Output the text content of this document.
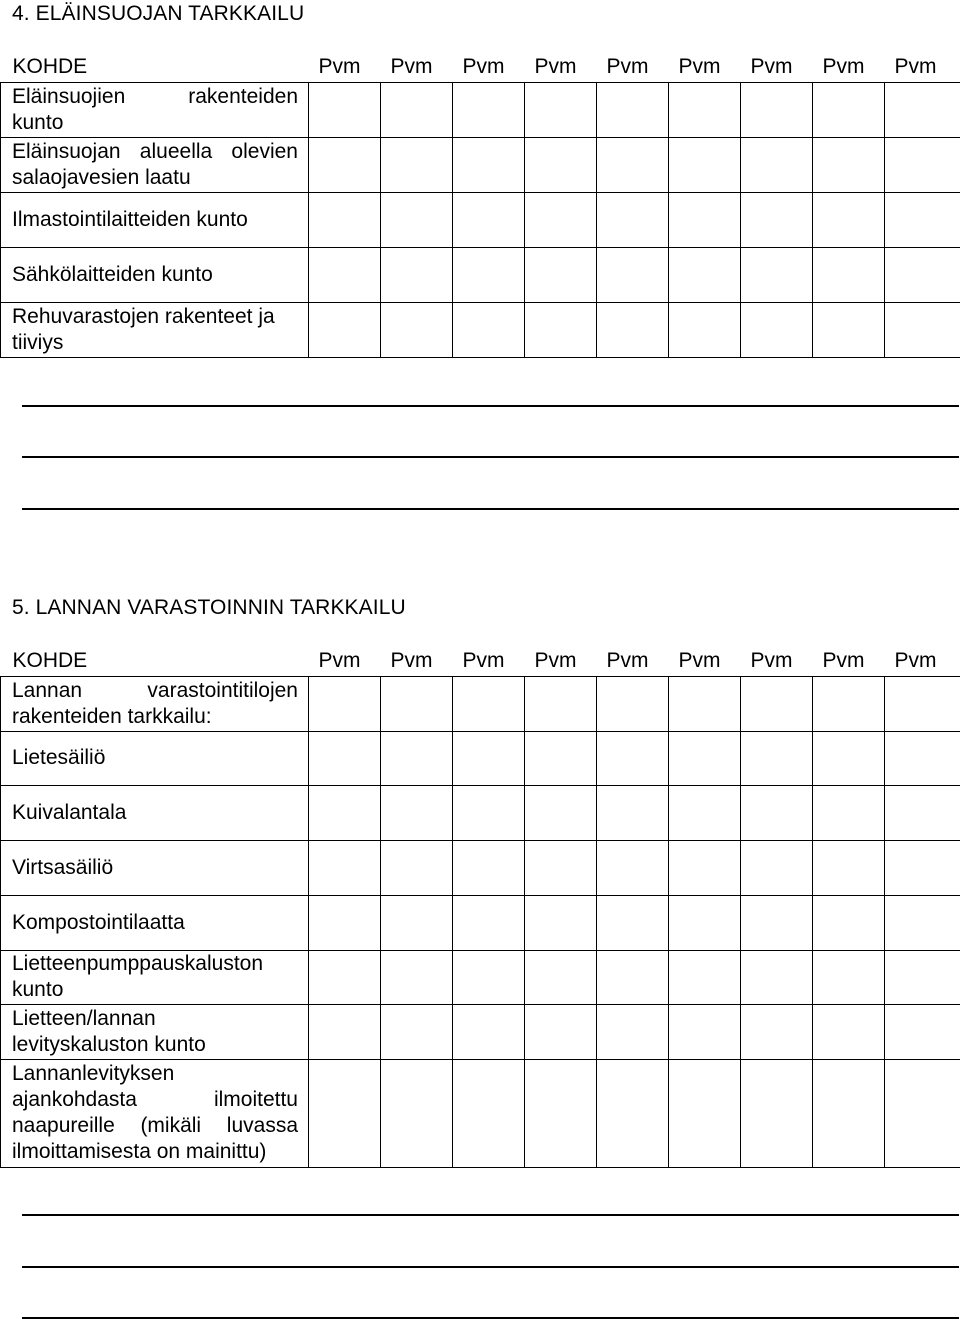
4. ELÄINSUOJAN TARKKAILU
KOHDE	Pvm	Pvm	Pvm	Pvm	Pvm	Pvm	Pvm	Pvm	Pvm
Eläinsuojien rakenteiden kunto									
Eläinsuojan alueella olevien salaojavesien laatu									
Ilmastointilaitteiden kunto									
Sähkölaitteiden kunto									
Rehuvarastojen rakenteet ja tiiviys									
5. LANNAN VARASTOINNIN TARKKAILU
KOHDE	Pvm	Pvm	Pvm	Pvm	Pvm	Pvm	Pvm	Pvm	Pvm
Lannan varastointitilojen rakenteiden tarkkailu:									
Lietesäiliö									
Kuivalantala									
Virtsasäiliö									
Kompostointilaatta									
Lietteenpumppauskaluston kunto									
Lietteen/lannan levityskaluston kunto									
Lannanlevityksen ajankohdasta ilmoitettu naapureille (mikäli luvassa ilmoittamisesta on mainittu)									
